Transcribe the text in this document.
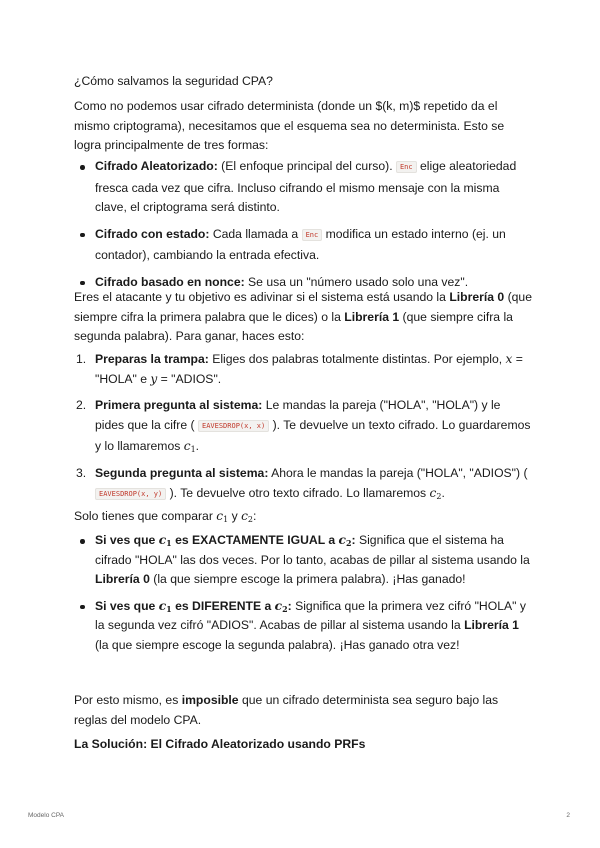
¿Cómo salvamos la seguridad CPA?

Como no podemos usar cifrado determinista (donde un $(k, m)$ repetido da el mismo criptograma), necesitamos que el esquema sea no determinista. Esto se logra principalmente de tres formas:

Cifrado Aleatorizado: (El enfoque principal del curso). Enc elige aleatoriedad fresca cada vez que cifra. Incluso cifrando el mismo mensaje con la misma clave, el criptograma será distinto.
Cifrado con estado: Cada llamada a Enc modifica un estado interno (ej. un contador), cambiando la entrada efectiva.
Cifrado basado en nonce: Se usa un "número usado solo una vez".

Eres el atacante y tu objetivo es adivinar si el sistema está usando la Librería 0 (que siempre cifra la primera palabra que le dices) o la Librería 1 (que siempre cifra la segunda palabra). Para ganar, haces esto:

1. Preparas la trampa: Eliges dos palabras totalmente distintas. Por ejemplo, x = "HOLA" e y = "ADIOS".
2. Primera pregunta al sistema: Le mandas la pareja ("HOLA", "HOLA") y le pides que la cifre ( EAVESDROP(x, x) ). Te devuelve un texto cifrado. Lo guardaremos y lo llamaremos $c_1$.
3. Segunda pregunta al sistema: Ahora le mandas la pareja ("HOLA", "ADIOS") ( EAVESDROP(x, y) ). Te devuelve otro texto cifrado. Lo llamaremos $c_2$.

Solo tienes que comparar $c_1$ y $c_2$:

Si ves que $c_1$ es EXACTAMENTE IGUAL a $c_2$: Significa que el sistema ha cifrado "HOLA" las dos veces. Por lo tanto, acabas de pillar al sistema usando la Librería 0 (la que siempre escoge la primera palabra). ¡Has ganado!
Si ves que $c_1$ es DIFERENTE a $c_2$: Significa que la primera vez cifró "HOLA" y la segunda vez cifró "ADIOS". Acabas de pillar al sistema usando la Librería 1 (la que siempre escoge la segunda palabra). ¡Has ganado otra vez!

Por esto mismo, es imposible que un cifrado determinista sea seguro bajo las reglas del modelo CPA.

La Solución: El Cifrado Aleatorizado usando PRFs

Modelo CPA	2
